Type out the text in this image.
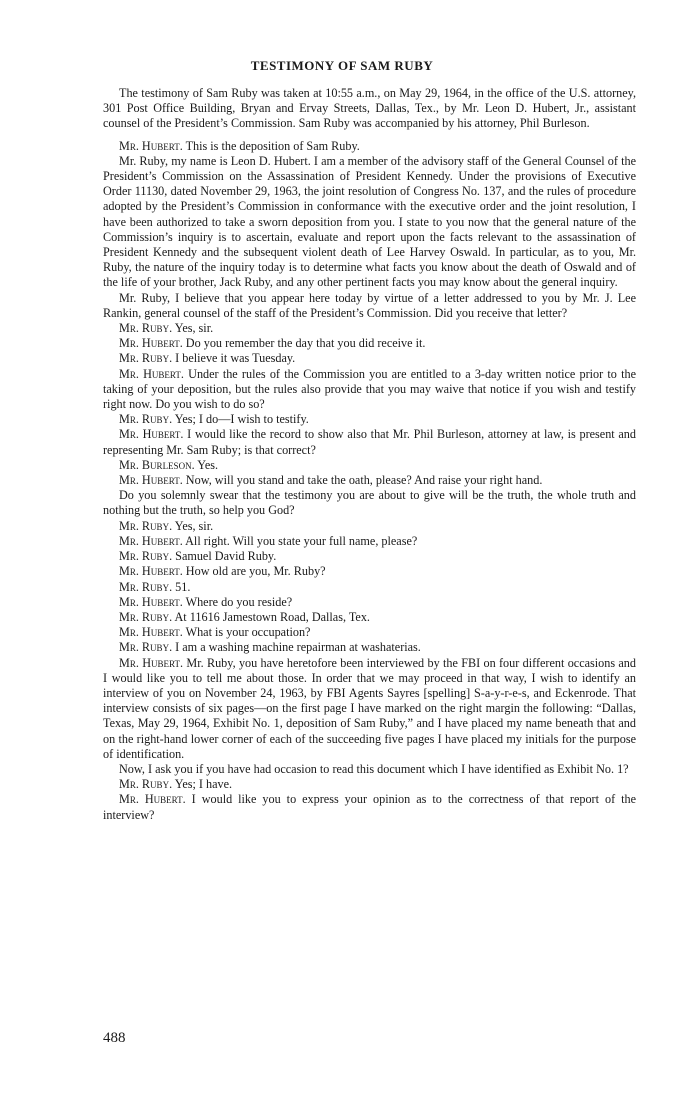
TESTIMONY OF SAM RUBY

The testimony of Sam Ruby was taken at 10:55 a.m., on May 29, 1964, in the office of the U.S. attorney, 301 Post Office Building, Bryan and Ervay Streets, Dallas, Tex., by Mr. Leon D. Hubert, Jr., assistant counsel of the President’s Commission. Sam Ruby was accompanied by his attorney, Phil Burleson.

Mr. Hubert. This is the deposition of Sam Ruby.

Mr. Ruby, my name is Leon D. Hubert. I am a member of the advisory staff of the General Counsel of the President’s Commission on the Assassination of President Kennedy. Under the provisions of Executive Order 11130, dated November 29, 1963, the joint resolution of Congress No. 137, and the rules of procedure adopted by the President’s Commission in conformance with the executive order and the joint resolution, I have been authorized to take a sworn deposition from you. I state to you now that the general nature of the Commission’s inquiry is to ascertain, evaluate and report upon the facts relevant to the assassination of President Kennedy and the subsequent violent death of Lee Harvey Oswald. In particular, as to you, Mr. Ruby, the nature of the inquiry today is to determine what facts you know about the death of Oswald and of the life of your brother, Jack Ruby, and any other pertinent facts you may know about the general inquiry.

Mr. Ruby, I believe that you appear here today by virtue of a letter addressed to you by Mr. J. Lee Rankin, general counsel of the staff of the President’s Commission. Did you receive that letter?

Mr. Ruby. Yes, sir.

Mr. Hubert. Do you remember the day that you did receive it.

Mr. Ruby. I believe it was Tuesday.

Mr. Hubert. Under the rules of the Commission you are entitled to a 3-day written notice prior to the taking of your deposition, but the rules also provide that you may waive that notice if you wish and testify right now. Do you wish to do so?

Mr. Ruby. Yes; I do—I wish to testify.

Mr. Hubert. I would like the record to show also that Mr. Phil Burleson, attorney at law, is present and representing Mr. Sam Ruby; is that correct?

Mr. Burleson. Yes.

Mr. Hubert. Now, will you stand and take the oath, please? And raise your right hand.

Do you solemnly swear that the testimony you are about to give will be the truth, the whole truth and nothing but the truth, so help you God?

Mr. Ruby. Yes, sir.

Mr. Hubert. All right. Will you state your full name, please?

Mr. Ruby. Samuel David Ruby.

Mr. Hubert. How old are you, Mr. Ruby?

Mr. Ruby. 51.

Mr. Hubert. Where do you reside?

Mr. Ruby. At 11616 Jamestown Road, Dallas, Tex.

Mr. Hubert. What is your occupation?

Mr. Ruby. I am a washing machine repairman at washaterias.

Mr. Hubert. Mr. Ruby, you have heretofore been interviewed by the FBI on four different occasions and I would like you to tell me about those. In order that we may proceed in that way, I wish to identify an interview of you on November 24, 1963, by FBI Agents Sayres [spelling] S-a-y-r-e-s, and Eckenrode. That interview consists of six pages—on the first page I have marked on the right margin the following: “Dallas, Texas, May 29, 1964, Exhibit No. 1, deposition of Sam Ruby,” and I have placed my name beneath that and on the right-hand lower corner of each of the succeeding five pages I have placed my initials for the purpose of identification.

Now, I ask you if you have had occasion to read this document which I have identified as Exhibit No. 1?

Mr. Ruby. Yes; I have.

Mr. Hubert. I would like you to express your opinion as to the correctness of that report of the interview?

488
